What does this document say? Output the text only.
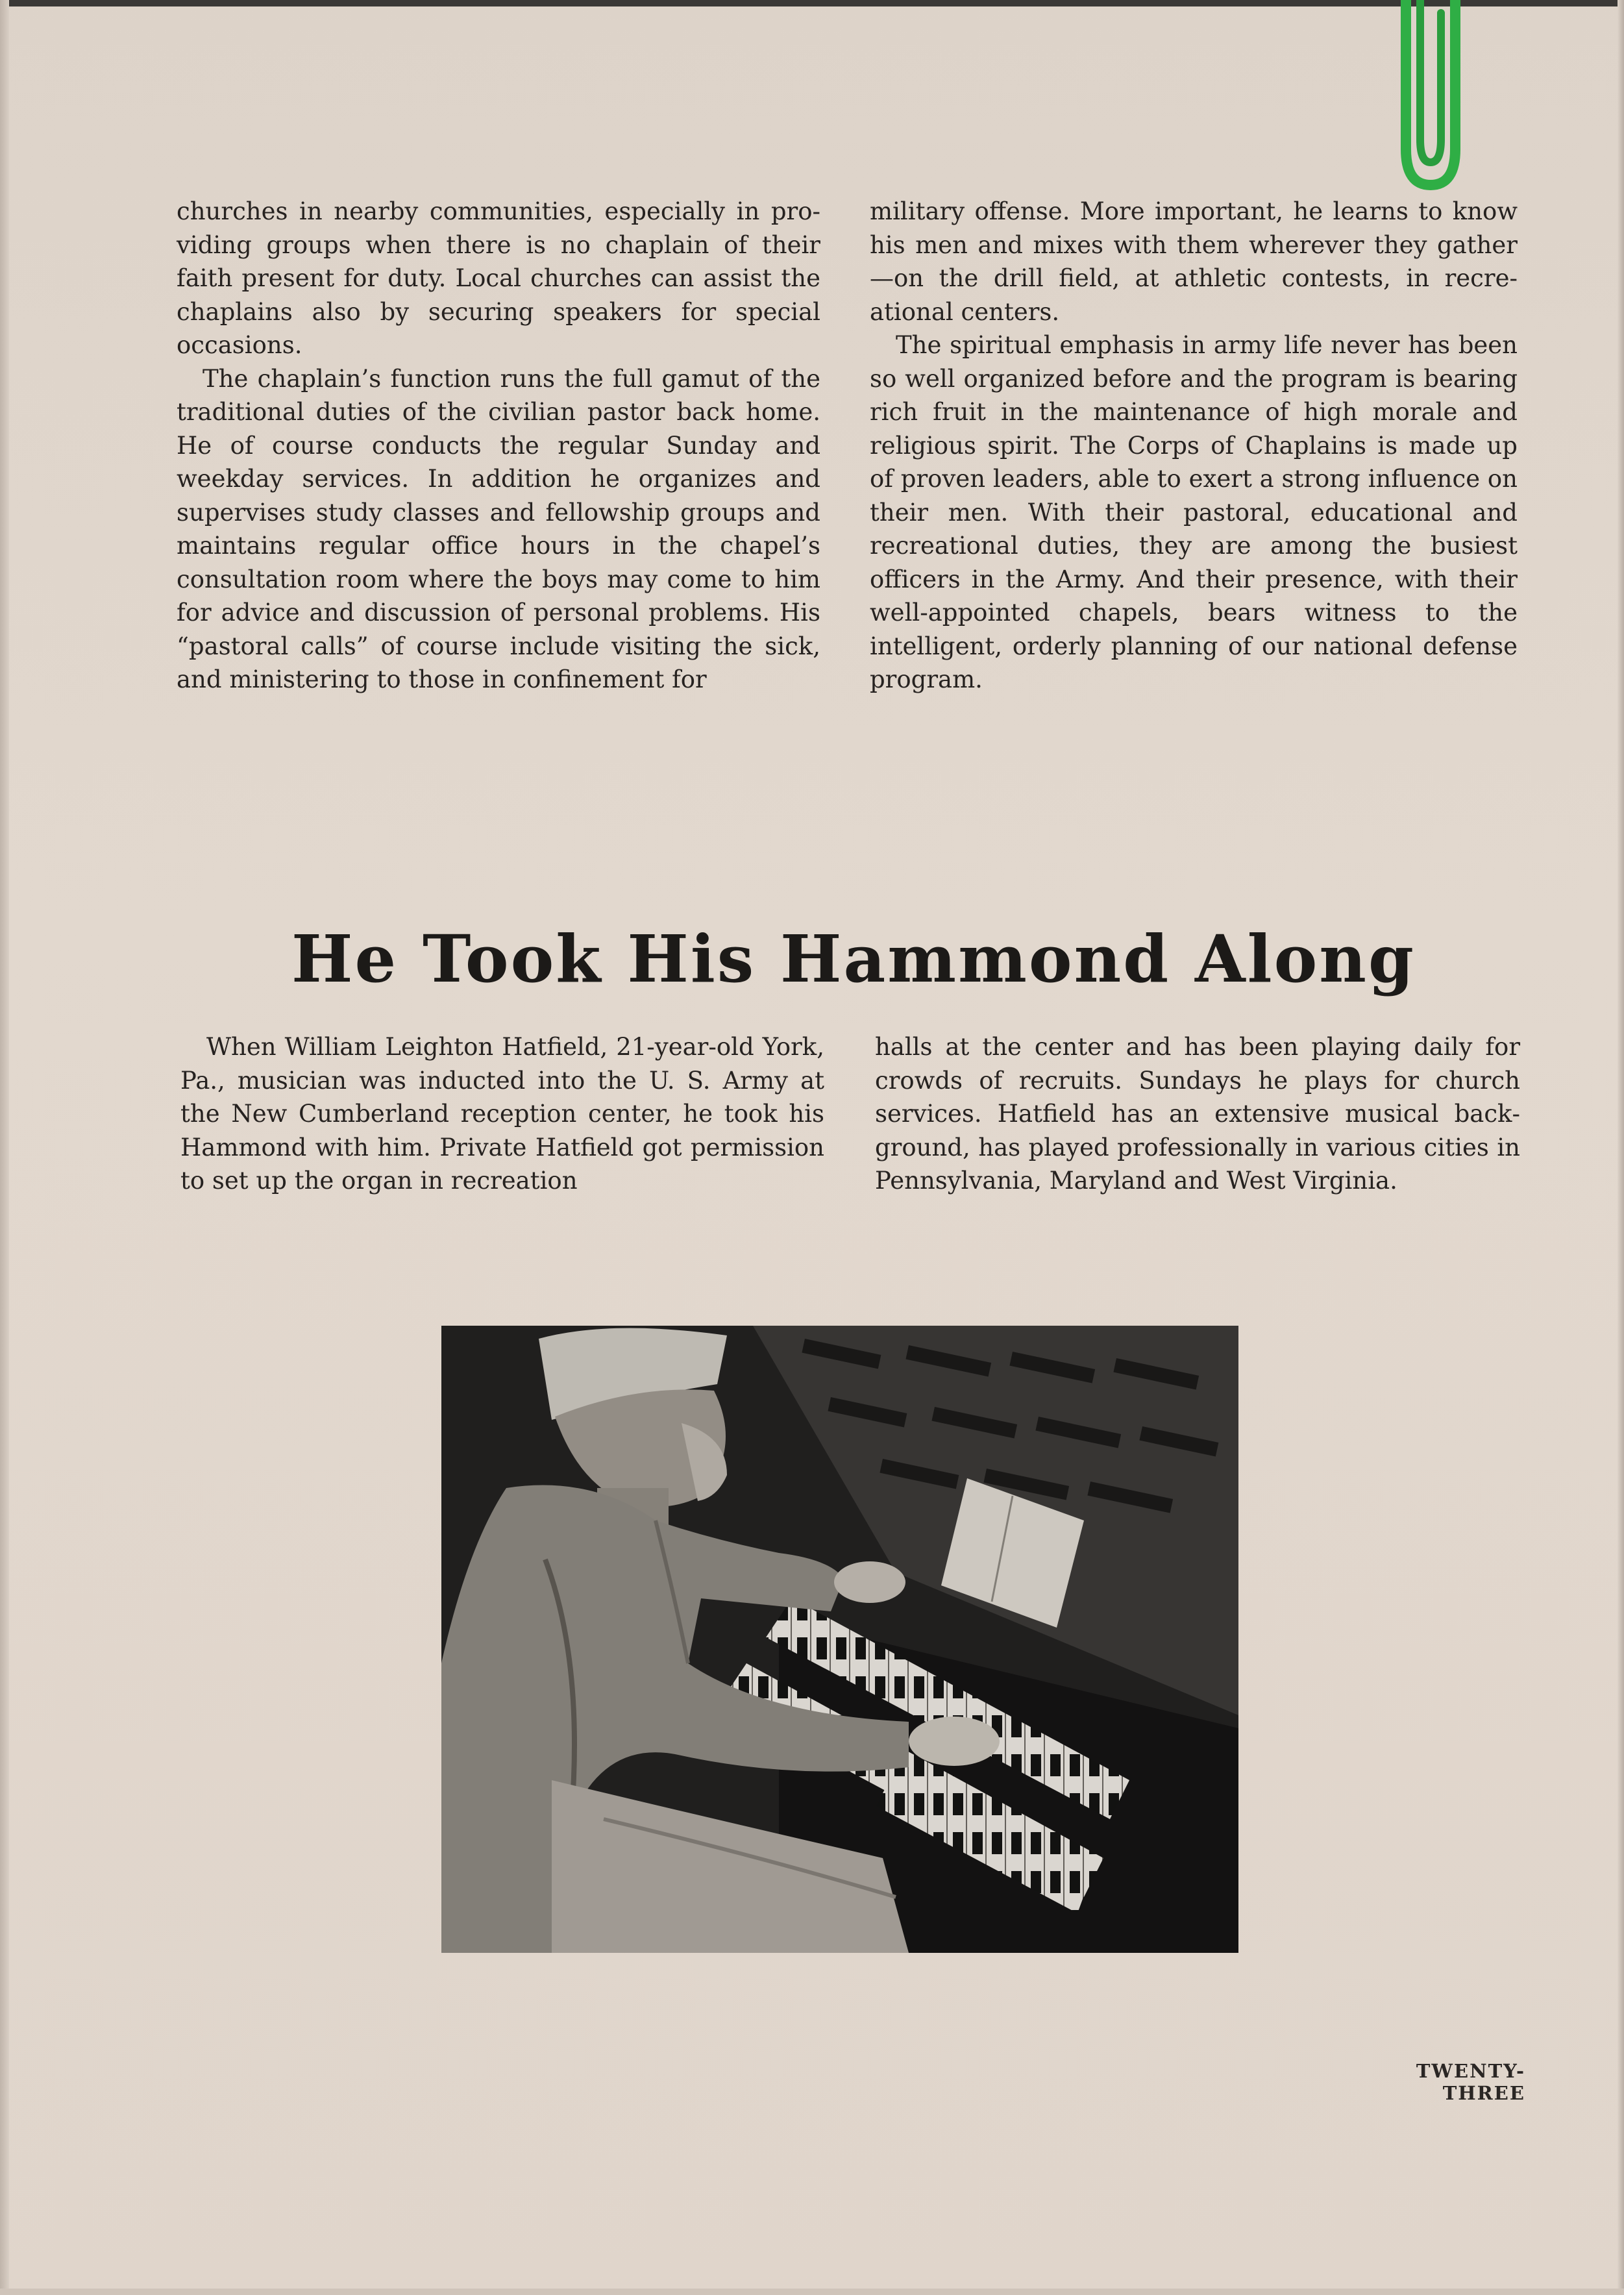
churches in nearby communities, especially in providing groups when there is no chaplain of their faith present for duty. Local churches can assist the chaplains also by securing speakers for special occasions.

The chaplain’s function runs the full gamut of the traditional duties of the civilian pastor back home. He of course conducts the regular Sunday and weekday services. In addition he organizes and supervises study classes and fellowship groups and maintains regular office hours in the chapel’s consultation room where the boys may come to him for advice and discussion of personal problems. His “pastoral calls” of course include visiting the sick, and ministering to those in confinement for

military offense. More important, he learns to know his men and mixes with them wherever they gather —on the drill field, at athletic contests, in recreational centers.

The spiritual emphasis in army life never has been so well organized before and the program is bearing rich fruit in the maintenance of high morale and religious spirit. The Corps of Chaplains is made up of proven leaders, able to exert a strong influence on their men. With their pastoral, educational and recreational duties, they are among the busiest officers in the Army. And their presence, with their well-appointed chapels, bears witness to the intelligent, orderly planning of our national defense program.

He Took His Hammond Along

When William Leighton Hatfield, 21-year-old York, Pa., musician was inducted into the U. S. Army at the New Cumberland reception center, he took his Hammond with him. Private Hatfield got permission to set up the organ in recreation

halls at the center and has been playing daily for crowds of recruits. Sundays he plays for church services. Hatfield has an extensive musical background, has played professionally in various cities in Pennsylvania, Maryland and West Virginia.

TWENTY-THREE
